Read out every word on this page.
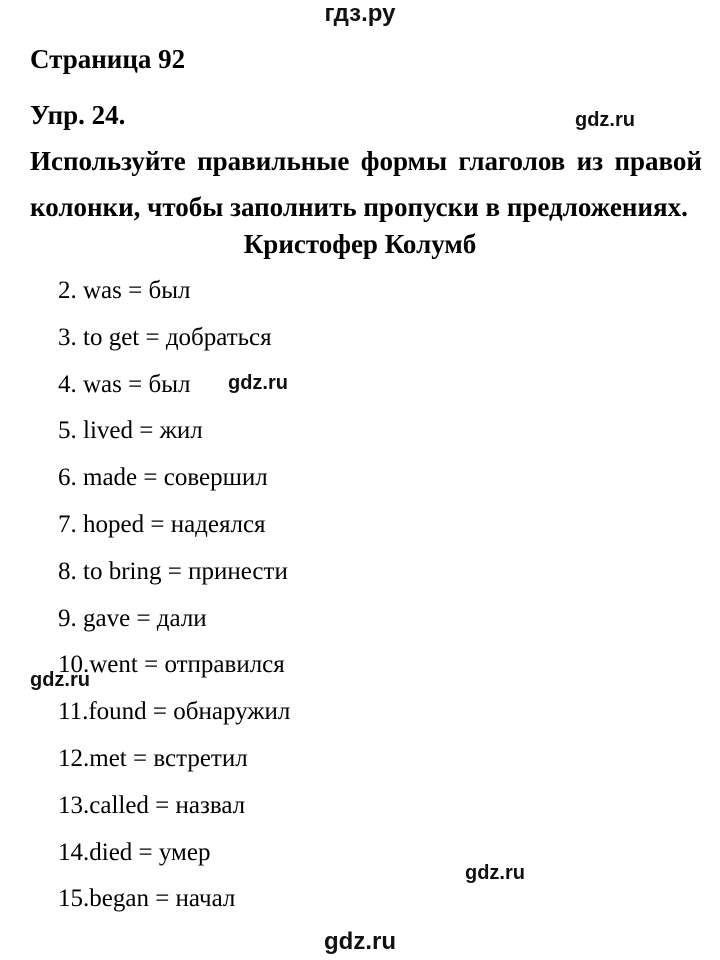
гдз.ру
Страница 92
Упр. 24.	gdz.ru
Используйте правильные формы глаголов из правой
колонки, чтобы заполнить пропуски в предложениях.
Кристофер Колумб
2. was = был
3. to get = добраться
4. was = был
5. lived = жил
6. made = совершил
7. hoped = надеялся
8. to bring = принести
9. gave = дали
10.went = отправился
11.found = обнаружил
12.met = встретил
13.called = назвал
14.died = умер
15.began = начал
gdz.ru
gdz.ru
gdz.ru
gdz.ru
